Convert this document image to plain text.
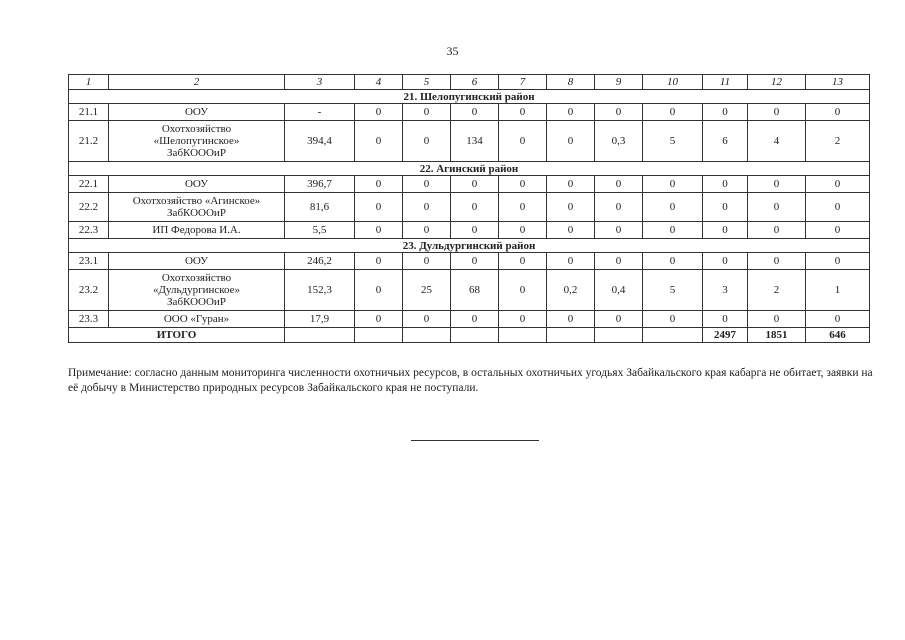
35
1	2	3	4	5	6	7	8	9	10	11	12	13
21. Шелопугинский район												
21.1	ООУ	-	0	0	0	0	0	0	0	0	0	0
21.2	Охотхозяйство
«Шелопугинское»
ЗабКОООиР	394,4	0	0	134	0	0	0,3	5	6	4	2
22. Агинский район												
22.1	ООУ	396,7	0	0	0	0	0	0	0	0	0	0
22.2	Охотхозяйство «Агинское»
ЗабКОООиР	81,6	0	0	0	0	0	0	0	0	0	0
22.3	ИП Федорова И.А.	5,5	0	0	0	0	0	0	0	0	0	0
23. Дульдургинский район												
23.1	ООУ	246,2	0	0	0	0	0	0	0	0	0	0
23.2	Охотхозяйство
«Дульдургинское»
ЗабКОООиР	152,3	0	25	68	0	0,2	0,4	5	3	2	1
23.3	ООО «Гуран»	17,9	0	0	0	0	0	0	0	0	0	0
ИТОГО										2497	1851	646
Примечание: согласно данным мониторинга численности охотничьих ресурсов, в остальных охотничьих угодьях Забайкальского края кабарга не обитает, заявки на её добычу в Министерство природных ресурсов Забайкальского края не поступали.
